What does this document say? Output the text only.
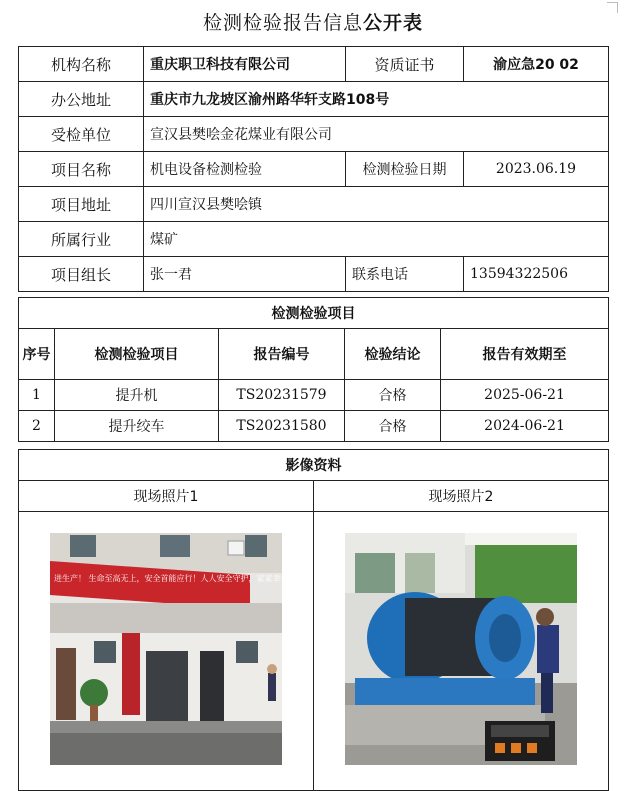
检测检验报告信息公开表
机构名称	重庆职卫科技有限公司	资质证书	渝应急20 02
办公地址	重庆市九龙坡区渝州路华轩支路108号		
受检单位	宣汉县樊哙金花煤业有限公司		
项目名称	机电设备检测检验	检测检验日期	2023.06.19
项目地址	四川宣汉县樊哙镇		
所属行业	煤矿		
项目组长	张一君	联系电话	13594322506
检测检验项目				
序号	检测检验项目	报告编号	检验结论	报告有效期至
1	提升机	TS20231579	合格	2025-06-21
2	提升绞车	TS20231580	合格	2024-06-21
影像资料	
现场照片1	现场照片2

进生产！ 生命至高无上，安全首能应行！人人安全守护，家家幸福安康！
